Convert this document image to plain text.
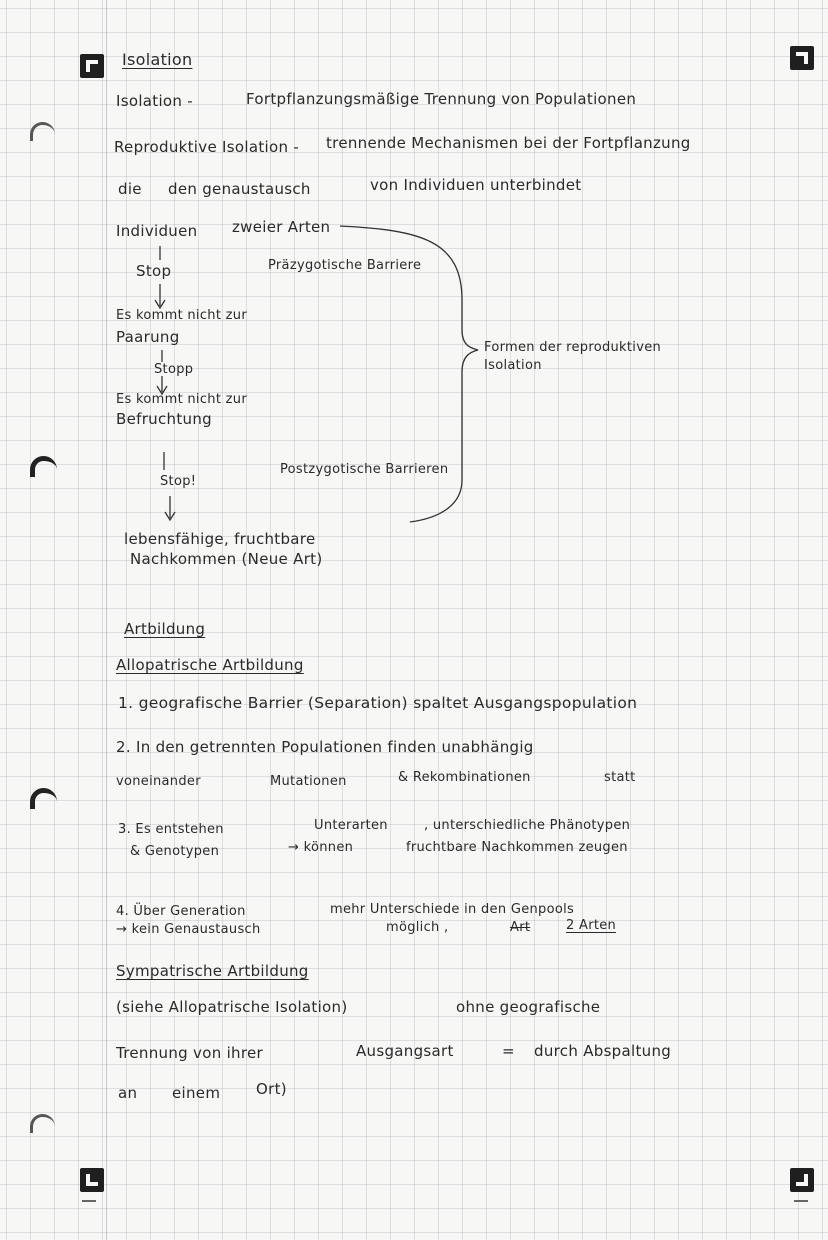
Isolation
Isolation -	Fortpflanzungsmäßige Trennung von Populationen
Reproduktive Isolation - trennende Mechanismen bei der Fortpflanzung
die den genaustausch	von Individuen unterbindet
Individuen zweier Arten
Stop	Präzygotische Barriere
Es kommt nicht zur
Paarung
Stopp
Es kommt nicht zur
Befruchtung
Stop!
Postzygotische Barrieren
lebensfähige, fruchtbare
Nachkommen (Neue Art)
Formen der reproduktiven
Isolation
Artbildung
Allopatrische Artbildung
1. geografische Barrier (Separation) spaltet Ausgangspopulation
2. In den getrennten Populationen finden unabhängig
voneinander	Mutationen	& Rekombinationen	statt
3. Es entstehen	Unterarten	, unterschiedliche Phänotypen
& Genotypen	→ können	fruchtbare Nachkommen zeugen
4. Über Generation	mehr Unterschiede in den Genpools
→ kein Genaustausch	möglich ,	Art	2 Arten
Sympatrische Artbildung
(siehe Allopatrische Isolation)	ohne geografische
Trennung von ihrer	Ausgangsart	= durch Abspaltung
an einem Ort)
